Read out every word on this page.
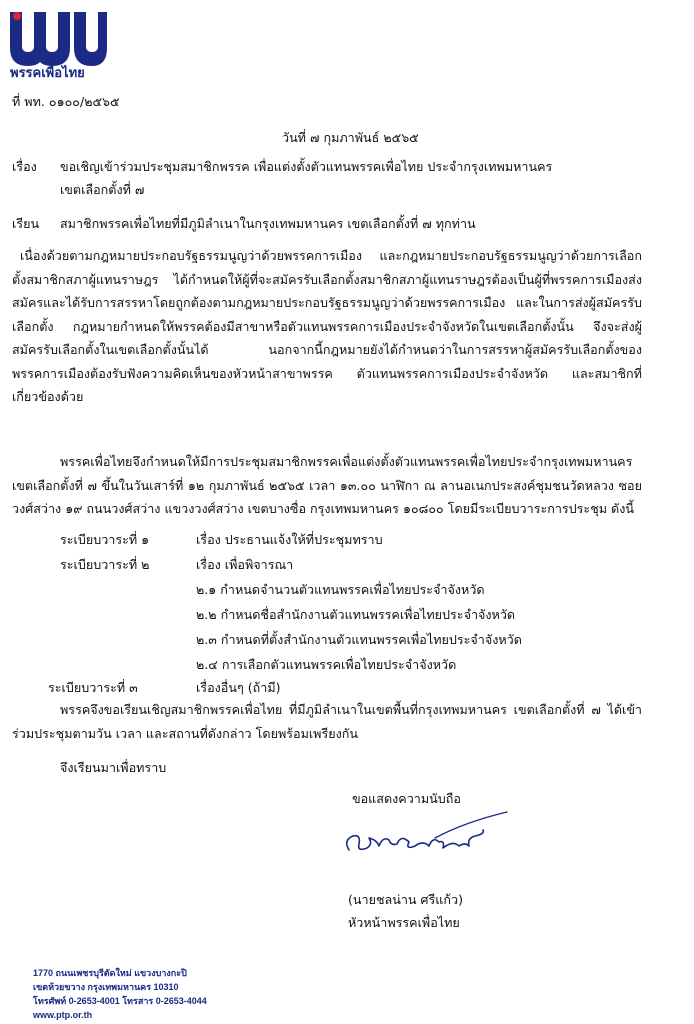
พรรคเพื่อไทย
ที่ พท. ๐๑๐๐/๒๕๖๕
วันที่ ๗ กุมภาพันธ์ ๒๕๖๕
เรื่อง ขอเชิญเข้าร่วมประชุมสมาชิกพรรค เพื่อแต่งตั้งตัวแทนพรรคเพื่อไทย ประจำกรุงเทพมหานคร
เขตเลือกตั้งที่ ๗
เรียน สมาชิกพรรคเพื่อไทยที่มีภูมิลำเนาในกรุงเทพมหานคร เขตเลือกตั้งที่ ๗ ทุกท่าน
เนื่องด้วยตามกฎหมายประกอบรัฐธรรมนูญว่าด้วยพรรคการเมือง และกฎหมายประกอบรัฐธรรมนูญว่าด้วยการเลือกตั้งสมาชิกสภาผู้แทนราษฎร ได้กำหนดให้ผู้ที่จะสมัครรับเลือกตั้งสมาชิกสภาผู้แทนราษฎรต้องเป็นผู้ที่พรรคการเมืองส่งสมัครและได้รับการสรรหาโดยถูกต้องตามกฎหมายประกอบรัฐธรรมนูญว่าด้วยพรรคการเมือง และในการส่งผู้สมัครรับเลือกตั้ง กฎหมายกำหนดให้พรรคต้องมีสาขาหรือตัวแทนพรรคการเมืองประจำจังหวัดในเขตเลือกตั้งนั้น จึงจะส่งผู้สมัครรับเลือกตั้งในเขตเลือกตั้งนั้นได้ นอกจากนี้กฎหมายยังได้กำหนดว่าในการสรรหาผู้สมัครรับเลือกตั้งของพรรคการเมืองต้องรับฟังความคิดเห็นของหัวหน้าสาขาพรรค ตัวแทนพรรคการเมืองประจำจังหวัด และสมาชิกที่เกี่ยวข้องด้วย
พรรคเพื่อไทยจึงกำหนดให้มีการประชุมสมาชิกพรรคเพื่อแต่งตั้งตัวแทนพรรคเพื่อไทยประจำกรุงเทพมหานคร เขตเลือกตั้งที่ ๗ ขึ้นในวันเสาร์ที่ ๑๒ กุมภาพันธ์ ๒๕๖๕ เวลา ๑๓.๐๐ นาฬิกา ณ ลานอเนกประสงค์ชุมชนวัดหลวง ซอยวงศ์สว่าง ๑๙ ถนนวงศ์สว่าง แขวงวงศ์สว่าง เขตบางซื่อ กรุงเทพมหานคร ๑๐๘๐๐ โดยมีระเบียบวาระการประชุม ดังนี้
ระเบียบวาระที่ ๑	เรื่อง ประธานแจ้งให้ที่ประชุมทราบ
ระเบียบวาระที่ ๒	เรื่อง เพื่อพิจารณา
๒.๑ กำหนดจำนวนตัวแทนพรรคเพื่อไทยประจำจังหวัด
๒.๒ กำหนดชื่อสำนักงานตัวแทนพรรคเพื่อไทยประจำจังหวัด
๒.๓ กำหนดที่ตั้งสำนักงานตัวแทนพรรคเพื่อไทยประจำจังหวัด
๒.๔ การเลือกตัวแทนพรรคเพื่อไทยประจำจังหวัด
ระเบียบวาระที่ ๓	เรื่องอื่นๆ (ถ้ามี)
พรรคจึงขอเรียนเชิญสมาชิกพรรคเพื่อไทย ที่มีภูมิลำเนาในเขตพื้นที่กรุงเทพมหานคร เขตเลือกตั้งที่ ๗ ได้เข้าร่วมประชุมตามวัน เวลา และสถานที่ดังกล่าว โดยพร้อมเพรียงกัน
จึงเรียนมาเพื่อทราบ
ขอแสดงความนับถือ
(นายชลน่าน ศรีแก้ว)
หัวหน้าพรรคเพื่อไทย
1770 ถนนเพชรบุรีตัดใหม่ แขวงบางกะปิ
เขตห้วยขวาง กรุงเทพมหานคร 10310
โทรศัพท์ 0-2653-4001 โทรสาร 0-2653-4044
www.ptp.or.th
